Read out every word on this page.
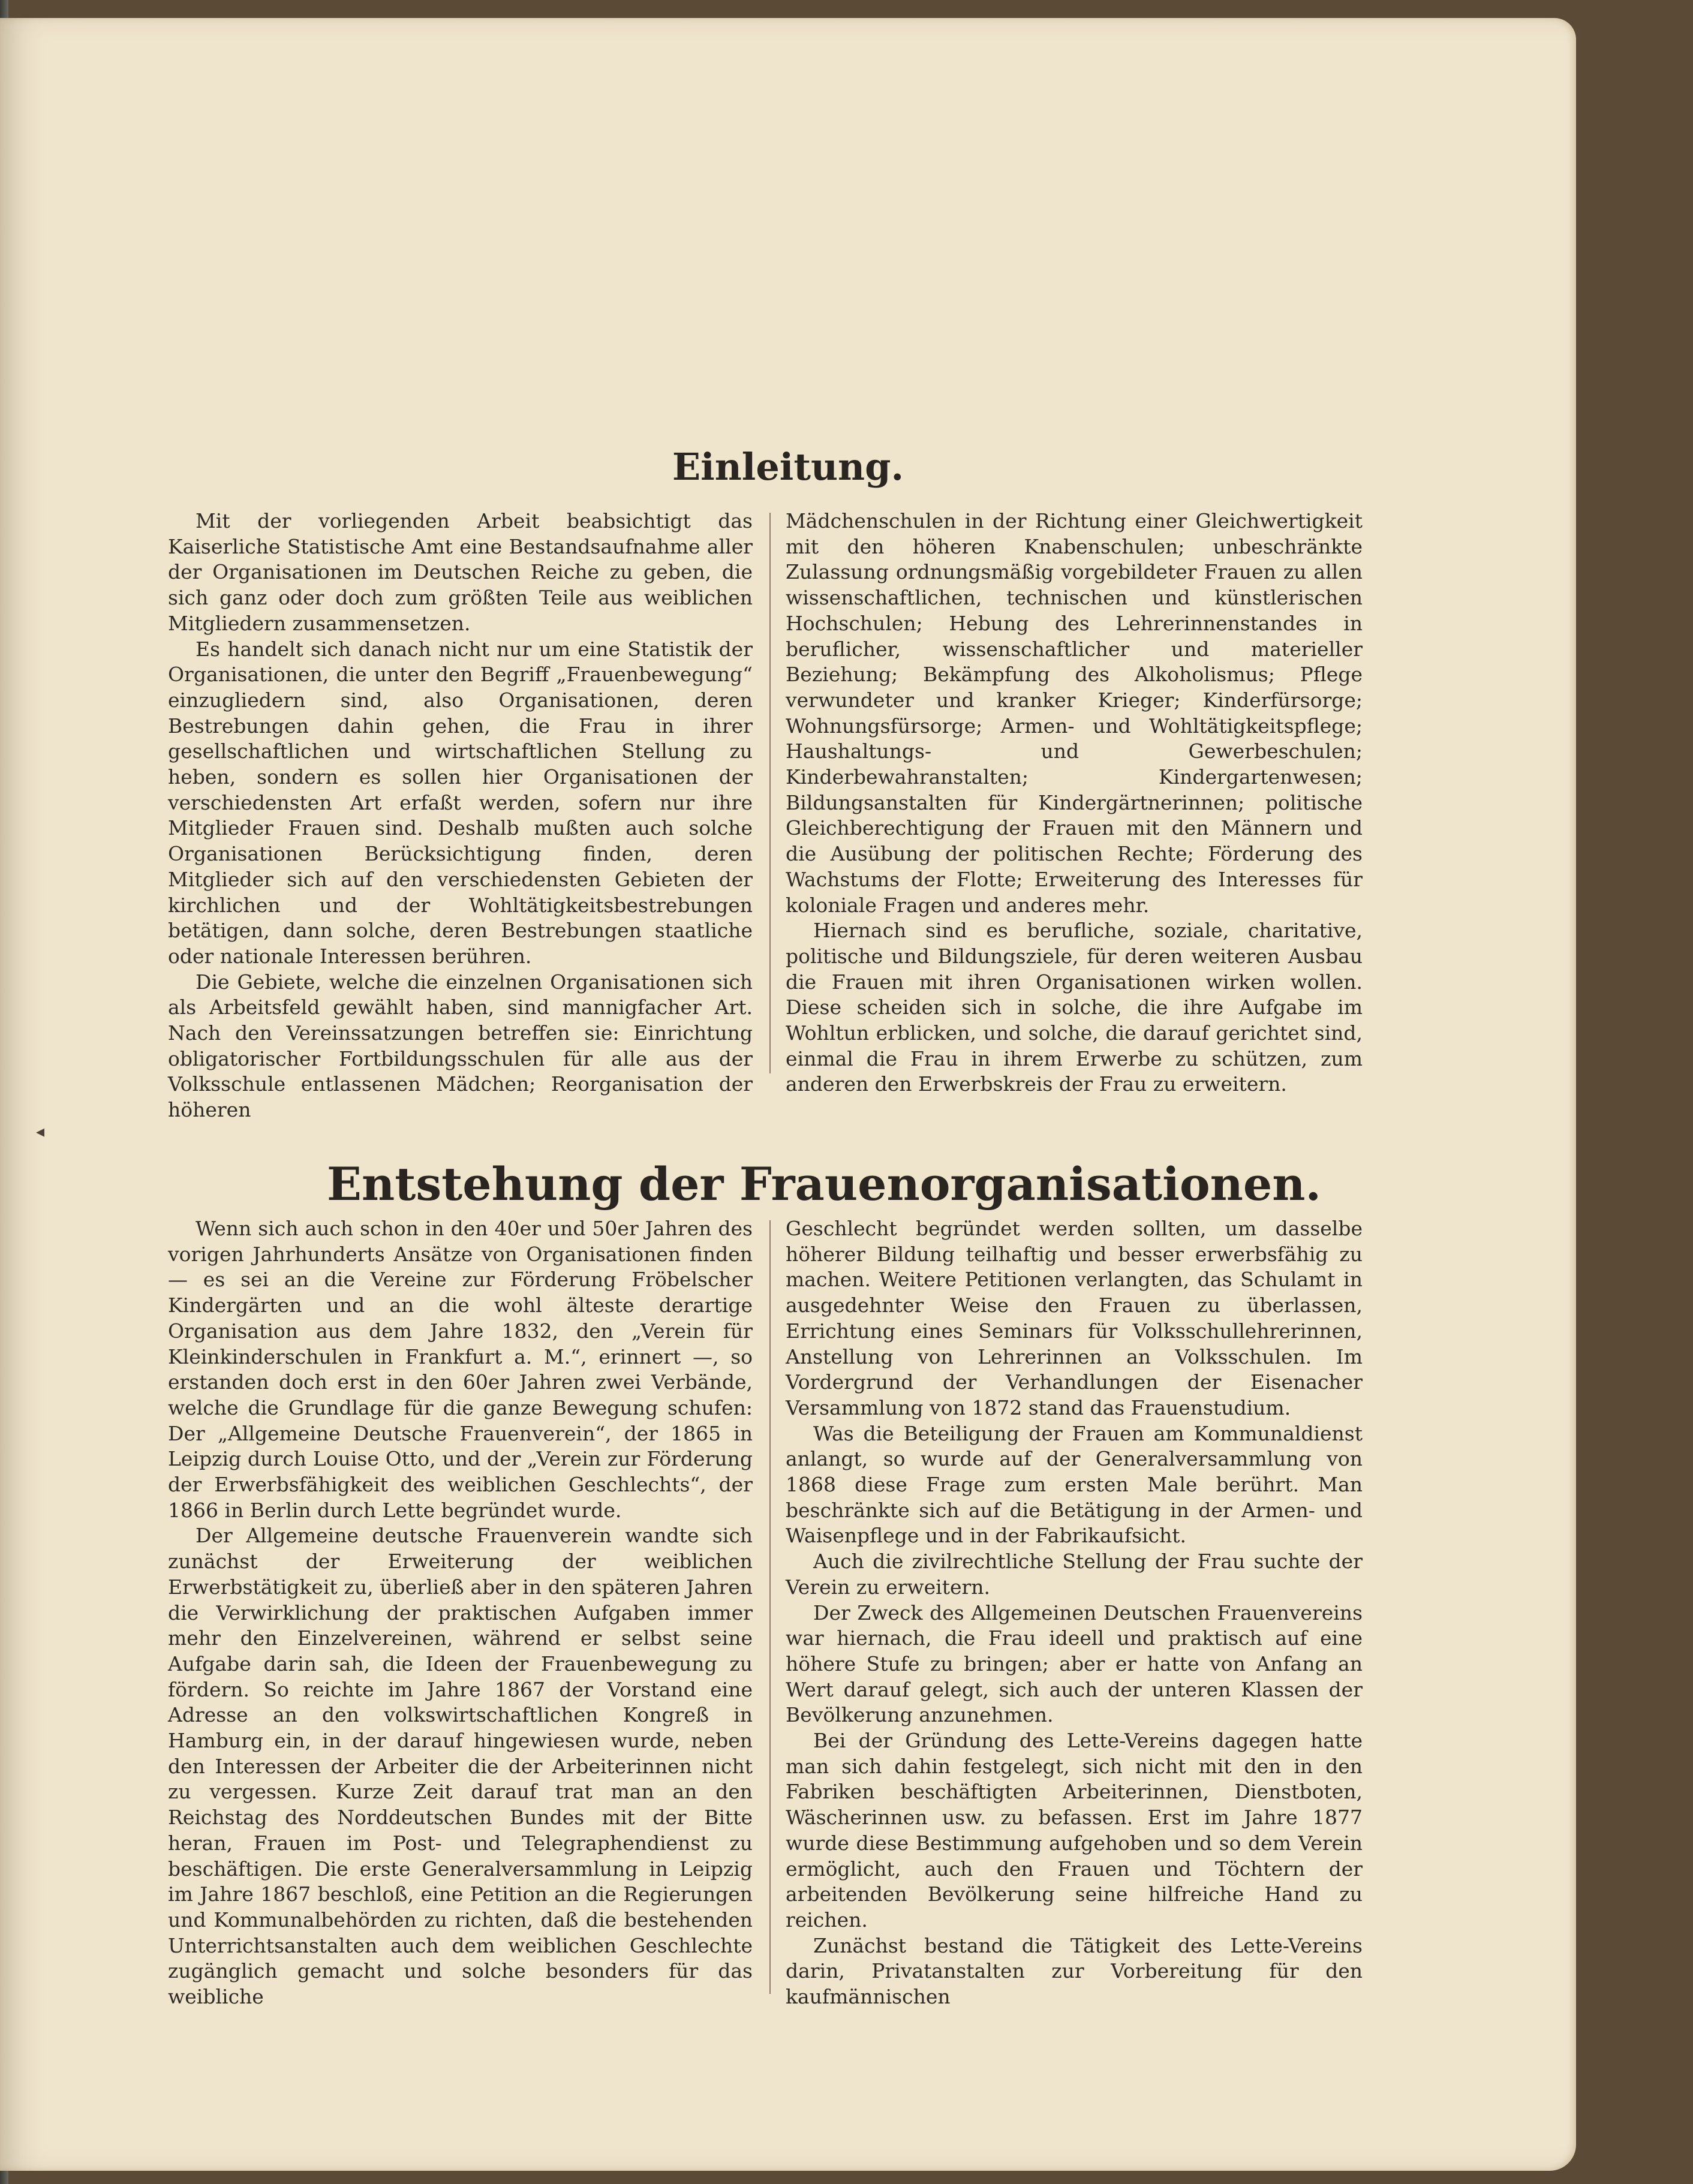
◂
Einleitung.

Mit der vorliegenden Arbeit beabsichtigt das Kaiserliche Statistische Amt eine Bestandsaufnahme aller der Organisationen im Deutschen Reiche zu geben, die sich ganz oder doch zum größten Teile aus weiblichen Mitgliedern zusammensetzen.

Es handelt sich danach nicht nur um eine Statistik der Organisationen, die unter den Begriff „Frauenbewegung“ einzugliedern sind, also Organisationen, deren Bestrebungen dahin gehen, die Frau in ihrer gesellschaftlichen und wirtschaftlichen Stellung zu heben, sondern es sollen hier Organisationen der verschiedensten Art erfaßt werden, sofern nur ihre Mitglieder Frauen sind. Deshalb mußten auch solche Organisationen Berücksichtigung finden, deren Mitglieder sich auf den verschiedensten Gebieten der kirchlichen und der Wohltätigkeitsbestrebungen betätigen, dann solche, deren Bestrebungen staatliche oder nationale Interessen berühren.

Die Gebiete, welche die einzelnen Organisationen sich als Arbeitsfeld gewählt haben, sind mannigfacher Art. Nach den Vereinssatzungen betreffen sie: Einrichtung obligatorischer Fortbildungsschulen für alle aus der Volksschule entlassenen Mädchen; Reorganisation der höheren

Mädchenschulen in der Richtung einer Gleichwertigkeit mit den höheren Knabenschulen; unbeschränkte Zulassung ordnungsmäßig vorgebildeter Frauen zu allen wissenschaftlichen, technischen und künstlerischen Hochschulen; Hebung des Lehrerinnenstandes in beruflicher, wissenschaftlicher und materieller Beziehung; Bekämpfung des Alkoholismus; Pflege verwundeter und kranker Krieger; Kinderfürsorge; Wohnungsfürsorge; Armen- und Wohltätigkeitspflege; Haushaltungs- und Gewerbeschulen; Kinderbewahranstalten; Kindergartenwesen; Bildungsanstalten für Kindergärtnerinnen; politische Gleichberechtigung der Frauen mit den Männern und die Ausübung der politischen Rechte; Förderung des Wachstums der Flotte; Erweiterung des Interesses für koloniale Fragen und anderes mehr.

Hiernach sind es berufliche, soziale, charitative, politische und Bildungsziele, für deren weiteren Ausbau die Frauen mit ihren Organisationen wirken wollen. Diese scheiden sich in solche, die ihre Aufgabe im Wohltun erblicken, und solche, die darauf gerichtet sind, einmal die Frau in ihrem Erwerbe zu schützen, zum anderen den Erwerbskreis der Frau zu erweitern.

Entstehung der Frauenorganisationen.

Wenn sich auch schon in den 40er und 50er Jahren des vorigen Jahrhunderts Ansätze von Organisationen finden — es sei an die Vereine zur Förderung Fröbelscher Kindergärten und an die wohl älteste derartige Organisation aus dem Jahre 1832, den „Verein für Kleinkinderschulen in Frankfurt a. M.“, erinnert —, so erstanden doch erst in den 60er Jahren zwei Verbände, welche die Grundlage für die ganze Bewegung schufen: Der „Allgemeine Deutsche Frauenverein“, der 1865 in Leipzig durch Louise Otto, und der „Verein zur Förderung der Erwerbsfähigkeit des weiblichen Geschlechts“, der 1866 in Berlin durch Lette begründet wurde.

Der Allgemeine deutsche Frauenverein wandte sich zunächst der Erweiterung der weiblichen Erwerbstätigkeit zu, überließ aber in den späteren Jahren die Verwirklichung der praktischen Aufgaben immer mehr den Einzelvereinen, während er selbst seine Aufgabe darin sah, die Ideen der Frauenbewegung zu fördern. So reichte im Jahre 1867 der Vorstand eine Adresse an den volkswirtschaftlichen Kongreß in Hamburg ein, in der darauf hingewiesen wurde, neben den Interessen der Arbeiter die der Arbeiterinnen nicht zu vergessen. Kurze Zeit darauf trat man an den Reichstag des Norddeutschen Bundes mit der Bitte heran, Frauen im Post- und Telegraphendienst zu beschäftigen. Die erste Generalversammlung in Leipzig im Jahre 1867 beschloß, eine Petition an die Regierungen und Kommunalbehörden zu richten, daß die bestehenden Unterrichtsanstalten auch dem weiblichen Geschlechte zugänglich gemacht und solche besonders für das weibliche

Geschlecht begründet werden sollten, um dasselbe höherer Bildung teilhaftig und besser erwerbsfähig zu machen. Weitere Petitionen verlangten, das Schulamt in ausgedehnter Weise den Frauen zu überlassen, Errichtung eines Seminars für Volksschullehrerinnen, Anstellung von Lehrerinnen an Volksschulen. Im Vordergrund der Verhandlungen der Eisenacher Versammlung von 1872 stand das Frauenstudium.

Was die Beteiligung der Frauen am Kommunaldienst anlangt, so wurde auf der Generalversammlung von 1868 diese Frage zum ersten Male berührt. Man beschränkte sich auf die Betätigung in der Armen- und Waisenpflege und in der Fabrikaufsicht.

Auch die zivilrechtliche Stellung der Frau suchte der Verein zu erweitern.

Der Zweck des Allgemeinen Deutschen Frauenvereins war hiernach, die Frau ideell und praktisch auf eine höhere Stufe zu bringen; aber er hatte von Anfang an Wert darauf gelegt, sich auch der unteren Klassen der Bevölkerung anzunehmen.

Bei der Gründung des Lette-Vereins dagegen hatte man sich dahin festgelegt, sich nicht mit den in den Fabriken beschäftigten Arbeiterinnen, Dienstboten, Wäscherinnen usw. zu befassen. Erst im Jahre 1877 wurde diese Bestimmung aufgehoben und so dem Verein ermöglicht, auch den Frauen und Töchtern der arbeitenden Bevölkerung seine hilfreiche Hand zu reichen.

Zunächst bestand die Tätigkeit des Lette-Vereins darin, Privatanstalten zur Vorbereitung für den kaufmännischen
